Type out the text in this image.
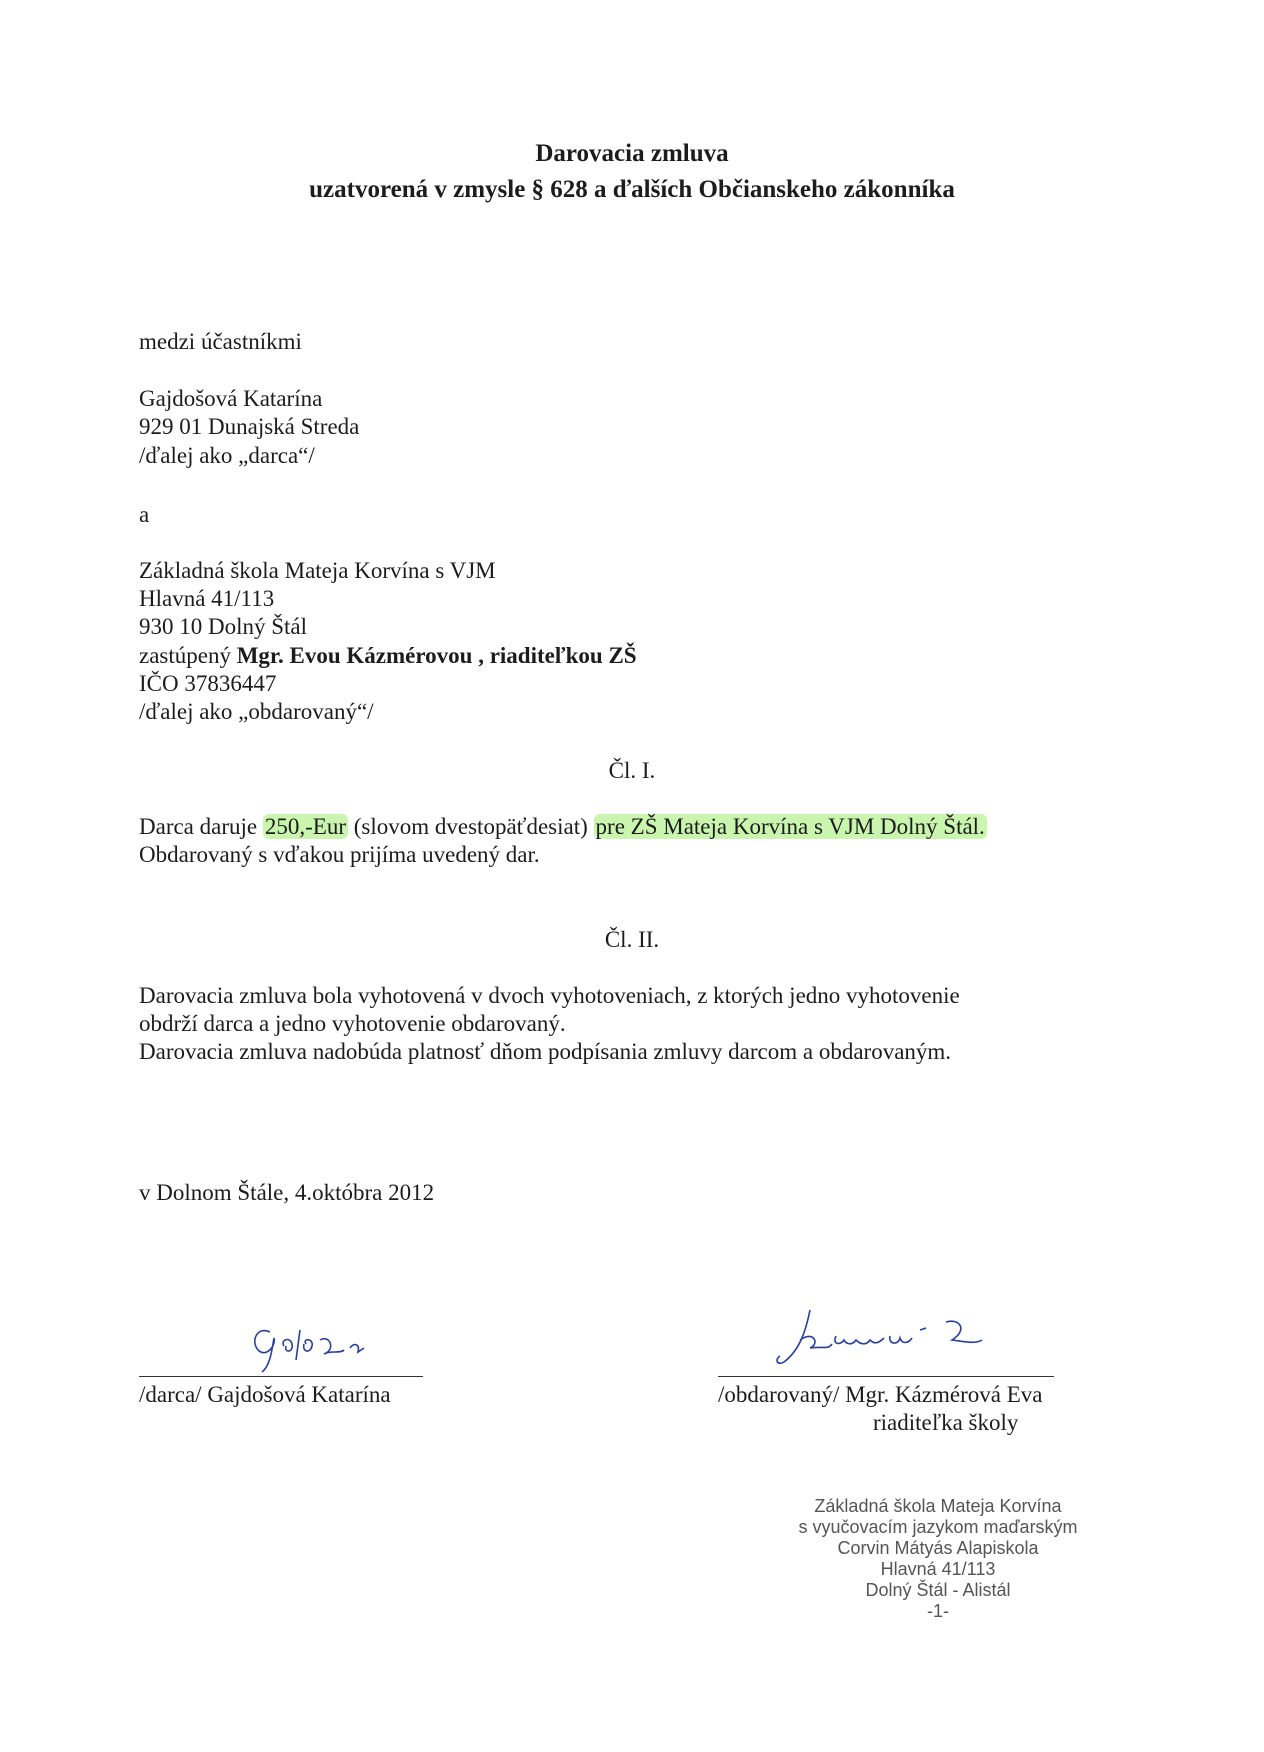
Darovacia zmluva
uzatvorená v zmysle § 628 a ďalších Občianskeho zákonníka
medzi účastníkmi
Gajdošová Katarína
929 01 Dunajská Streda
/ďalej ako „darca“/
a
Základná škola Mateja Korvína s VJM
Hlavná 41/113
930 10 Dolný Štál
zastúpený Mgr. Evou Kázmérovou , riaditeľkou ZŠ
IČO 37836447
/ďalej ako „obdarovaný“/
Čl. I.
Darca daruje 250,-Eur (slovom dvestopäťdesiat) pre ZŠ Mateja Korvína s VJM Dolný Štál.
Obdarovaný s vďakou prijíma uvedený dar.
Čl. II.
Darovacia zmluva bola vyhotovená v dvoch vyhotoveniach, z ktorých jedno vyhotovenie
obdrží darca a jedno vyhotovenie obdarovaný.
Darovacia zmluva nadobúda platnosť dňom podpísania zmluvy darcom a obdarovaným.
v Dolnom Štále, 4.októbra 2012
/darca/ Gajdošová Katarína	/obdarovaný/ Mgr. Kázmérová Eva
riaditeľka školy
Základná škola Mateja Korvína
s vyučovacím jazykom maďarským
Corvin Mátyás Alapiskola
Hlavná 41/113
Dolný Štál - Alistál
-1-
